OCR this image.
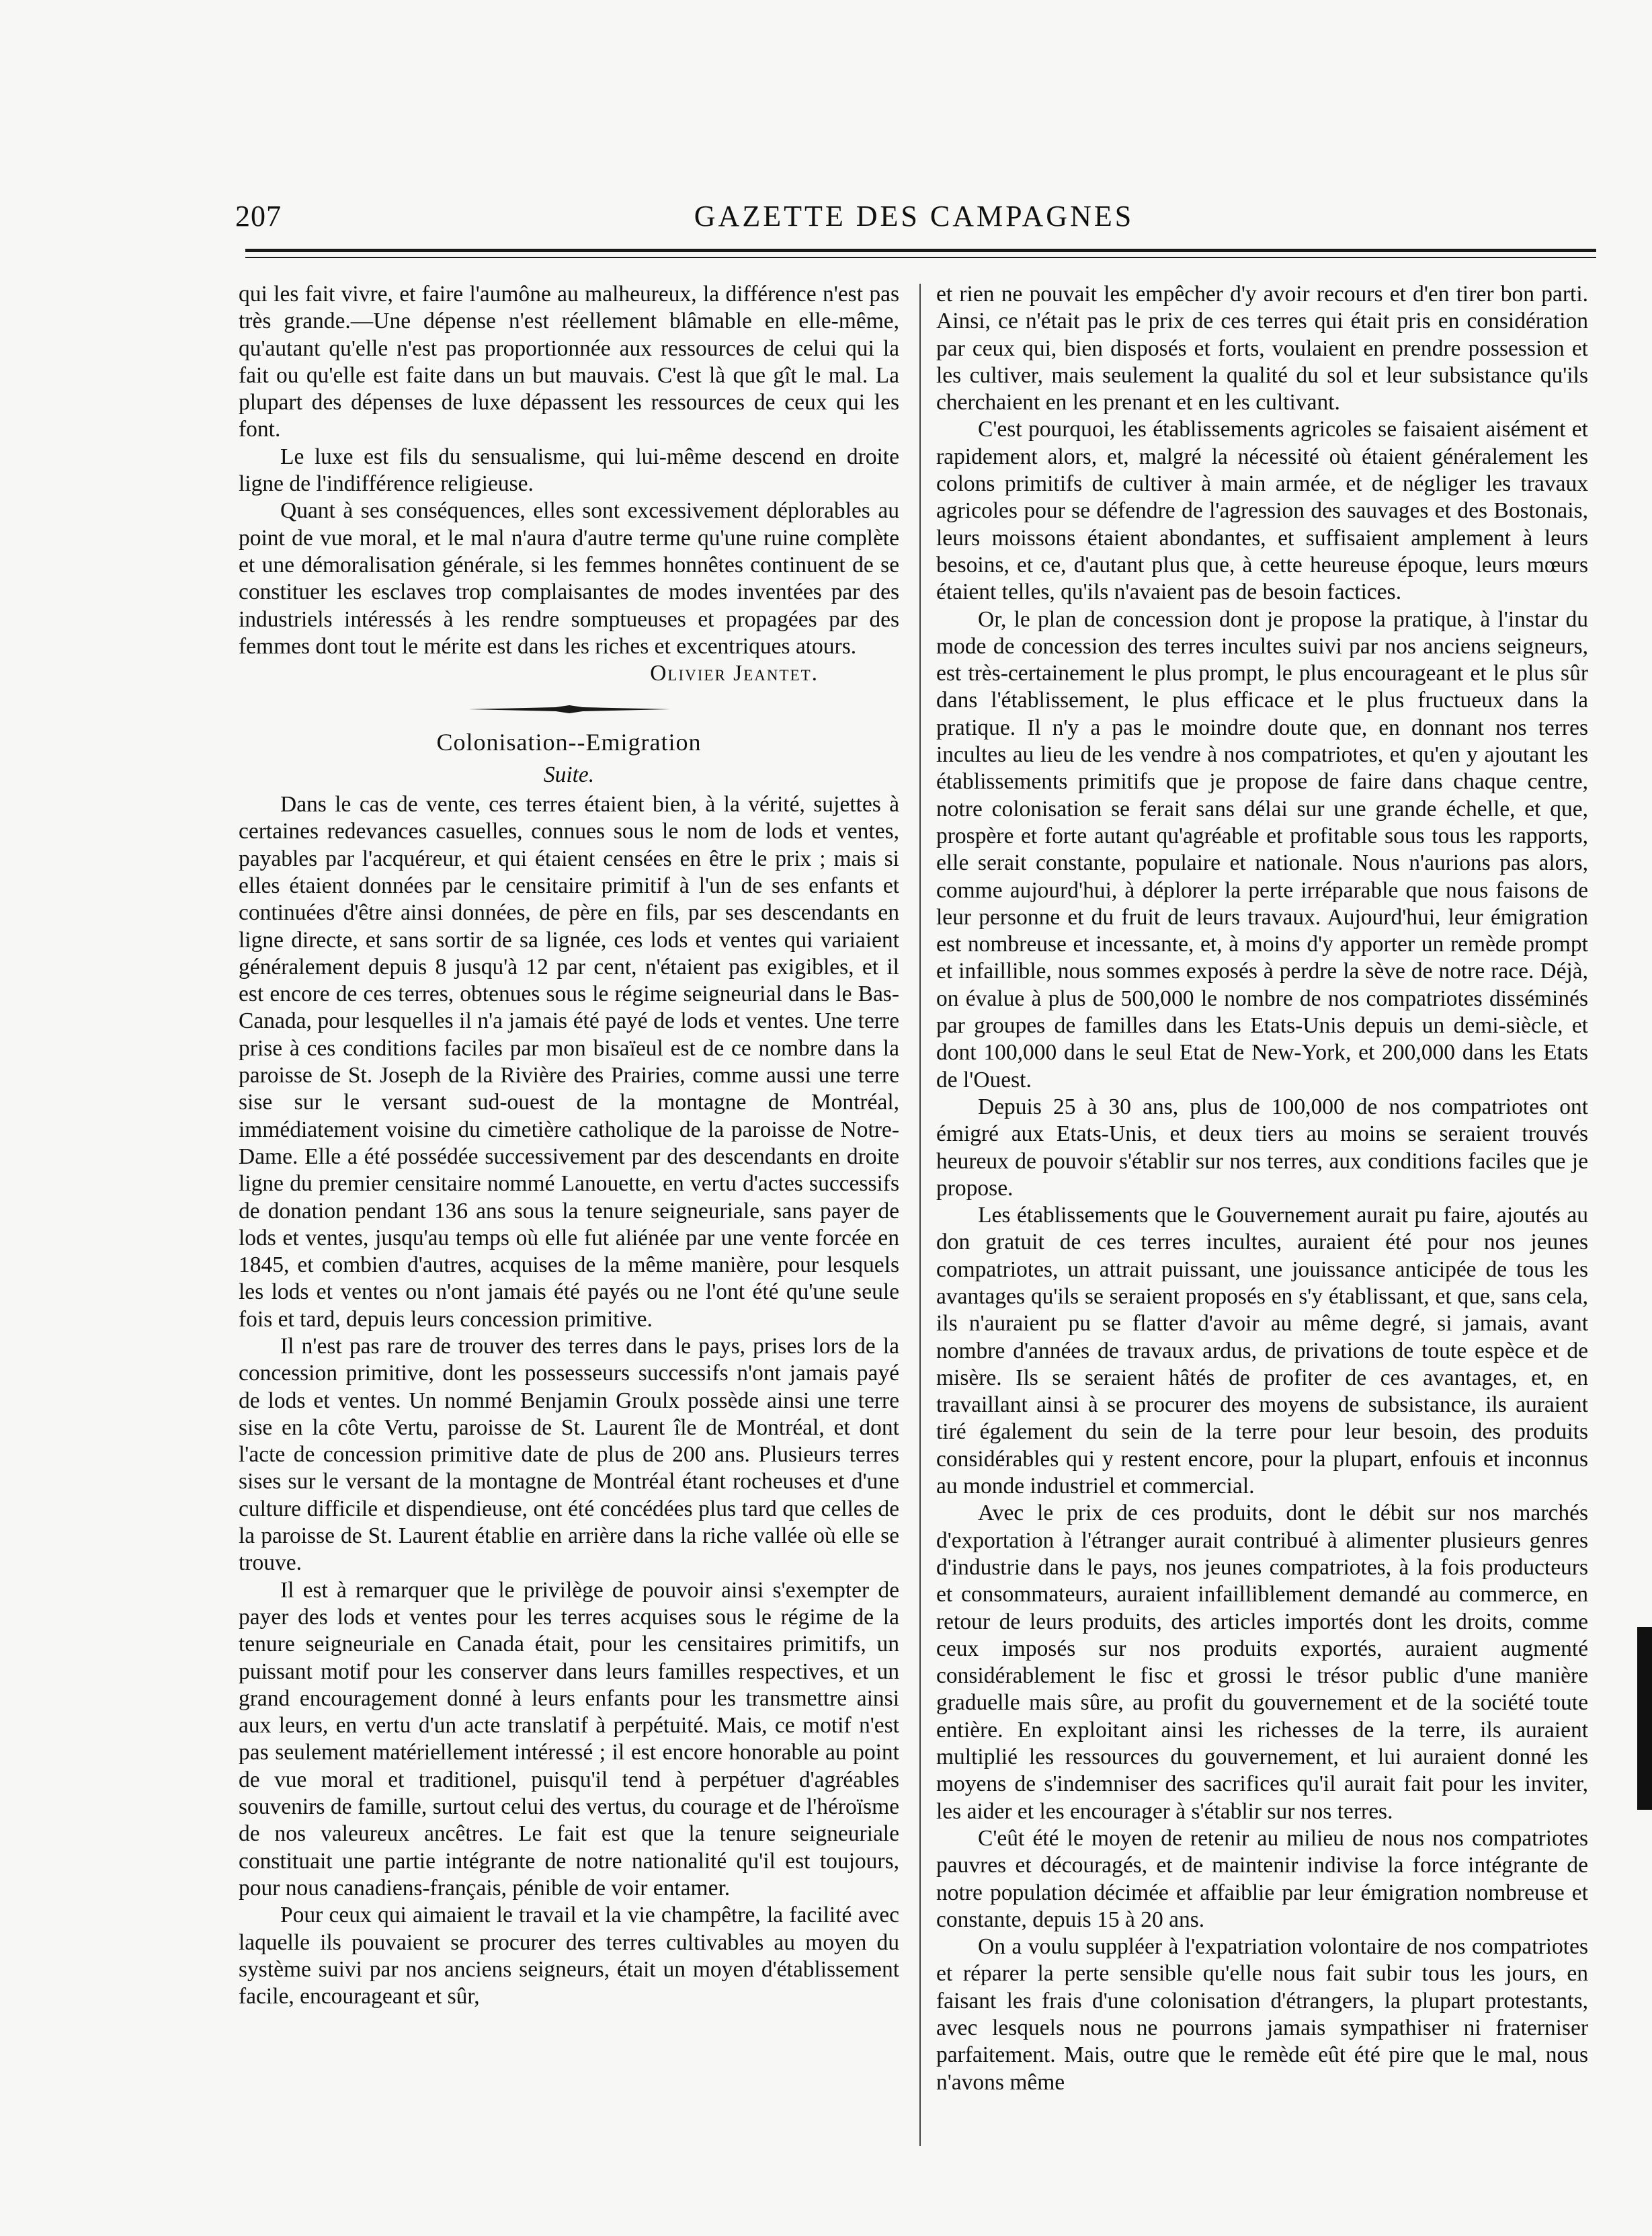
207	GAZETTE DES CAMPAGNES

qui les fait vivre, et faire l'aumône au malheureux, la différence n'est pas très grande.—Une dépense n'est réellement blâmable en elle-même, qu'autant qu'elle n'est pas proportionnée aux ressources de celui qui la fait ou qu'elle est faite dans un but mauvais. C'est là que gît le mal. La plupart des dépenses de luxe dépassent les ressources de ceux qui les font.

Le luxe est fils du sensualisme, qui lui-même descend en droite ligne de l'indifférence religieuse.

Quant à ses conséquences, elles sont excessivement déplorables au point de vue moral, et le mal n'aura d'autre terme qu'une ruine complète et une démoralisation générale, si les femmes honnêtes continuent de se constituer les esclaves trop complaisantes de modes inventées par des industriels intéressés à les rendre somptueuses et propagées par des femmes dont tout le mérite est dans les riches et excentriques atours.

Olivier Jeantet.

Colonisation--Emigration

Suite.

Dans le cas de vente, ces terres étaient bien, à la vérité, sujettes à certaines redevances casuelles, connues sous le nom de lods et ventes, payables par l'acquéreur, et qui étaient censées en être le prix ; mais si elles étaient données par le censitaire primitif à l'un de ses enfants et continuées d'être ainsi données, de père en fils, par ses descendants en ligne directe, et sans sortir de sa lignée, ces lods et ventes qui variaient généralement depuis 8 jusqu'à 12 par cent, n'étaient pas exigibles, et il est encore de ces terres, obtenues sous le régime seigneurial dans le Bas-Canada, pour lesquelles il n'a jamais été payé de lods et ventes. Une terre prise à ces conditions faciles par mon bisaïeul est de ce nombre dans la paroisse de St. Joseph de la Rivière des Prairies, comme aussi une terre sise sur le versant sud-ouest de la montagne de Montréal, immédiatement voisine du cimetière catholique de la paroisse de Notre-Dame. Elle a été possédée successivement par des descendants en droite ligne du premier censitaire nommé Lanouette, en vertu d'actes successifs de donation pendant 136 ans sous la tenure seigneuriale, sans payer de lods et ventes, jusqu'au temps où elle fut aliénée par une vente forcée en 1845, et combien d'autres, acquises de la même manière, pour lesquels les lods et ventes ou n'ont jamais été payés ou ne l'ont été qu'une seule fois et tard, depuis leurs concession primitive.

Il n'est pas rare de trouver des terres dans le pays, prises lors de la concession primitive, dont les possesseurs successifs n'ont jamais payé de lods et ventes. Un nommé Benjamin Groulx possède ainsi une terre sise en la côte Vertu, paroisse de St. Laurent île de Montréal, et dont l'acte de concession primitive date de plus de 200 ans. Plusieurs terres sises sur le versant de la montagne de Montréal étant rocheuses et d'une culture difficile et dispendieuse, ont été concédées plus tard que celles de la paroisse de St. Laurent établie en arrière dans la riche vallée où elle se trouve.

Il est à remarquer que le privilège de pouvoir ainsi s'exempter de payer des lods et ventes pour les terres acquises sous le régime de la tenure seigneuriale en Canada était, pour les censitaires primitifs, un puissant motif pour les conserver dans leurs familles respectives, et un grand encouragement donné à leurs enfants pour les transmettre ainsi aux leurs, en vertu d'un acte translatif à perpétuité. Mais, ce motif n'est pas seulement matériellement intéressé ; il est encore honorable au point de vue moral et traditionel, puisqu'il tend à perpétuer d'agréables souvenirs de famille, surtout celui des vertus, du courage et de l'héroïsme de nos valeureux ancêtres. Le fait est que la tenure seigneuriale constituait une partie intégrante de notre nationalité qu'il est toujours, pour nous canadiens-français, pénible de voir entamer.

Pour ceux qui aimaient le travail et la vie champêtre, la facilité avec laquelle ils pouvaient se procurer des terres cultivables au moyen du système suivi par nos anciens seigneurs, était un moyen d'établissement facile, encourageant et sûr,

et rien ne pouvait les empêcher d'y avoir recours et d'en tirer bon parti. Ainsi, ce n'était pas le prix de ces terres qui était pris en considération par ceux qui, bien disposés et forts, voulaient en prendre possession et les cultiver, mais seulement la qualité du sol et leur subsistance qu'ils cherchaient en les prenant et en les cultivant.

C'est pourquoi, les établissements agricoles se faisaient aisément et rapidement alors, et, malgré la nécessité où étaient généralement les colons primitifs de cultiver à main armée, et de négliger les travaux agricoles pour se défendre de l'agression des sauvages et des Bostonais, leurs moissons étaient abondantes, et suffisaient amplement à leurs besoins, et ce, d'autant plus que, à cette heureuse époque, leurs mœurs étaient telles, qu'ils n'avaient pas de besoin factices.

Or, le plan de concession dont je propose la pratique, à l'instar du mode de concession des terres incultes suivi par nos anciens seigneurs, est très-certainement le plus prompt, le plus encourageant et le plus sûr dans l'établissement, le plus efficace et le plus fructueux dans la pratique. Il n'y a pas le moindre doute que, en donnant nos terres incultes au lieu de les vendre à nos compatriotes, et qu'en y ajoutant les établissements primitifs que je propose de faire dans chaque centre, notre colonisation se ferait sans délai sur une grande échelle, et que, prospère et forte autant qu'agréable et profitable sous tous les rapports, elle serait constante, populaire et nationale. Nous n'aurions pas alors, comme aujourd'hui, à déplorer la perte irréparable que nous faisons de leur personne et du fruit de leurs travaux. Aujourd'hui, leur émigration est nombreuse et incessante, et, à moins d'y apporter un remède prompt et infaillible, nous sommes exposés à perdre la sève de notre race. Déjà, on évalue à plus de 500,000 le nombre de nos compatriotes disséminés par groupes de familles dans les Etats-Unis depuis un demi-siècle, et dont 100,000 dans le seul Etat de New-York, et 200,000 dans les Etats de l'Ouest.

Depuis 25 à 30 ans, plus de 100,000 de nos compatriotes ont émigré aux Etats-Unis, et deux tiers au moins se seraient trouvés heureux de pouvoir s'établir sur nos terres, aux conditions faciles que je propose.

Les établissements que le Gouvernement aurait pu faire, ajoutés au don gratuit de ces terres incultes, auraient été pour nos jeunes compatriotes, un attrait puissant, une jouissance anticipée de tous les avantages qu'ils se seraient proposés en s'y établissant, et que, sans cela, ils n'auraient pu se flatter d'avoir au même degré, si jamais, avant nombre d'années de travaux ardus, de privations de toute espèce et de misère. Ils se seraient hâtés de profiter de ces avantages, et, en travaillant ainsi à se procurer des moyens de subsistance, ils auraient tiré également du sein de la terre pour leur besoin, des produits considérables qui y restent encore, pour la plupart, enfouis et inconnus au monde industriel et commercial.

Avec le prix de ces produits, dont le débit sur nos marchés d'exportation à l'étranger aurait contribué à alimenter plusieurs genres d'industrie dans le pays, nos jeunes compatriotes, à la fois producteurs et consommateurs, auraient infailliblement demandé au commerce, en retour de leurs produits, des articles importés dont les droits, comme ceux imposés sur nos produits exportés, auraient augmenté considérablement le fisc et grossi le trésor public d'une manière graduelle mais sûre, au profit du gouvernement et de la société toute entière. En exploitant ainsi les richesses de la terre, ils auraient multiplié les ressources du gouvernement, et lui auraient donné les moyens de s'indemniser des sacrifices qu'il aurait fait pour les inviter, les aider et les encourager à s'établir sur nos terres.

C'eût été le moyen de retenir au milieu de nous nos compatriotes pauvres et découragés, et de maintenir indivise la force intégrante de notre population décimée et affaiblie par leur émigration nombreuse et constante, depuis 15 à 20 ans.

On a voulu suppléer à l'expatriation volontaire de nos compatriotes et réparer la perte sensible qu'elle nous fait subir tous les jours, en faisant les frais d'une colonisation d'étrangers, la plupart protestants, avec lesquels nous ne pourrons jamais sympathiser ni fraterniser parfaitement. Mais, outre que le remède eût été pire que le mal, nous n'avons même
